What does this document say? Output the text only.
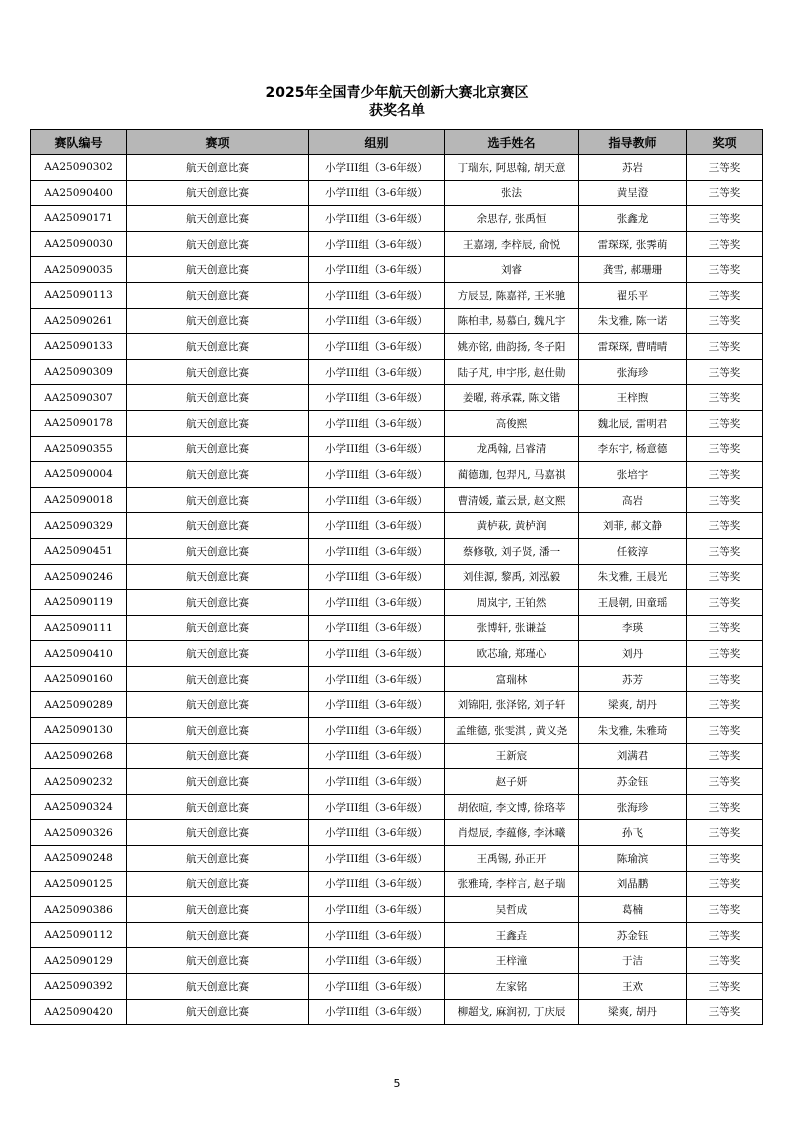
2025年全国青少年航天创新大赛北京赛区
获奖名单
赛队编号	赛项	组别	选手姓名	指导教师	奖项
AA25090302	航天创意比赛	小学III组（3-6年级）	丁瑞东, 阿思翰, 胡天意	苏岩	三等奖
AA25090400	航天创意比赛	小学III组（3-6年级）	张法	黄呈澄	三等奖
AA25090171	航天创意比赛	小学III组（3-6年级）	余思存, 张禹恒	张鑫龙	三等奖
AA25090030	航天创意比赛	小学III组（3-6年级）	王嘉翊, 李梓辰, 俞悦	雷琛琛, 张霁萌	三等奖
AA25090035	航天创意比赛	小学III组（3-6年级）	刘睿	龚雪, 郝珊珊	三等奖
AA25090113	航天创意比赛	小学III组（3-6年级）	方辰昱, 陈嘉祥, 王米驰	翟乐平	三等奖
AA25090261	航天创意比赛	小学III组（3-6年级）	陈柏聿, 易慕白, 魏凡宇	朱戈雅, 陈一诺	三等奖
AA25090133	航天创意比赛	小学III组（3-6年级）	姚亦铭, 曲韵扬, 冬子阳	雷琛琛, 曹晴晴	三等奖
AA25090309	航天创意比赛	小学III组（3-6年级）	陆子芃, 申宇彤, 赵仕勋	张海珍	三等奖
AA25090307	航天创意比赛	小学III组（3-6年级）	姜曜, 蒋承霖, 陈文锴	王梓煦	三等奖
AA25090178	航天创意比赛	小学III组（3-6年级）	高俊熙	魏北辰, 雷明君	三等奖
AA25090355	航天创意比赛	小学III组（3-6年级）	龙禹翰, 吕睿清	李东宇, 杨意德	三等奖
AA25090004	航天创意比赛	小学III组（3-6年级）	蔺德珈, 包羿凡, 马嘉祺	张培宇	三等奖
AA25090018	航天创意比赛	小学III组（3-6年级）	曹清媛, 董云景, 赵文熙	高岩	三等奖
AA25090329	航天创意比赛	小学III组（3-6年级）	黄栌萩, 黄栌润	刘菲, 郝文静	三等奖
AA25090451	航天创意比赛	小学III组（3-6年级）	蔡修敬, 刘子贤, 潘一	任筱淳	三等奖
AA25090246	航天创意比赛	小学III组（3-6年级）	刘佳源, 黎禹, 刘泓毅	朱戈雅, 王晨光	三等奖
AA25090119	航天创意比赛	小学III组（3-6年级）	周岚宇, 王铂然	王晨朝, 田童瑶	三等奖
AA25090111	航天创意比赛	小学III组（3-6年级）	张博轩, 张谦益	李瑛	三等奖
AA25090410	航天创意比赛	小学III组（3-6年级）	欧芯瑜, 郑瑾心	刘丹	三等奖
AA25090160	航天创意比赛	小学III组（3-6年级）	富瑞林	苏芳	三等奖
AA25090289	航天创意比赛	小学III组（3-6年级）	刘锦阳, 张泽铭, 刘子轩	梁爽, 胡丹	三等奖
AA25090130	航天创意比赛	小学III组（3-6年级）	孟维德, 张雯淇 , 黄义尧	朱戈雅, 朱雅琦	三等奖
AA25090268	航天创意比赛	小学III组（3-6年级）	王新宸	刘满君	三等奖
AA25090232	航天创意比赛	小学III组（3-6年级）	赵子妍	苏金钰	三等奖
AA25090324	航天创意比赛	小学III组（3-6年级）	胡依暄, 李文博, 徐珞莘	张海珍	三等奖
AA25090326	航天创意比赛	小学III组（3-6年级）	肖煜辰, 李蕴修, 李沐曦	孙飞	三等奖
AA25090248	航天创意比赛	小学III组（3-6年级）	王禹锡, 孙正开	陈瑜滨	三等奖
AA25090125	航天创意比赛	小学III组（3-6年级）	张雅琦, 李梓言, 赵子瑞	刘晶鹏	三等奖
AA25090386	航天创意比赛	小学III组（3-6年级）	吴哲成	葛楠	三等奖
AA25090112	航天创意比赛	小学III组（3-6年级）	王鑫垚	苏金钰	三等奖
AA25090129	航天创意比赛	小学III组（3-6年级）	王梓潼	于洁	三等奖
AA25090392	航天创意比赛	小学III组（3-6年级）	左家铭	王欢	三等奖
AA25090420	航天创意比赛	小学III组（3-6年级）	柳超戈, 麻润初, 丁庆辰	梁爽, 胡丹	三等奖
5
